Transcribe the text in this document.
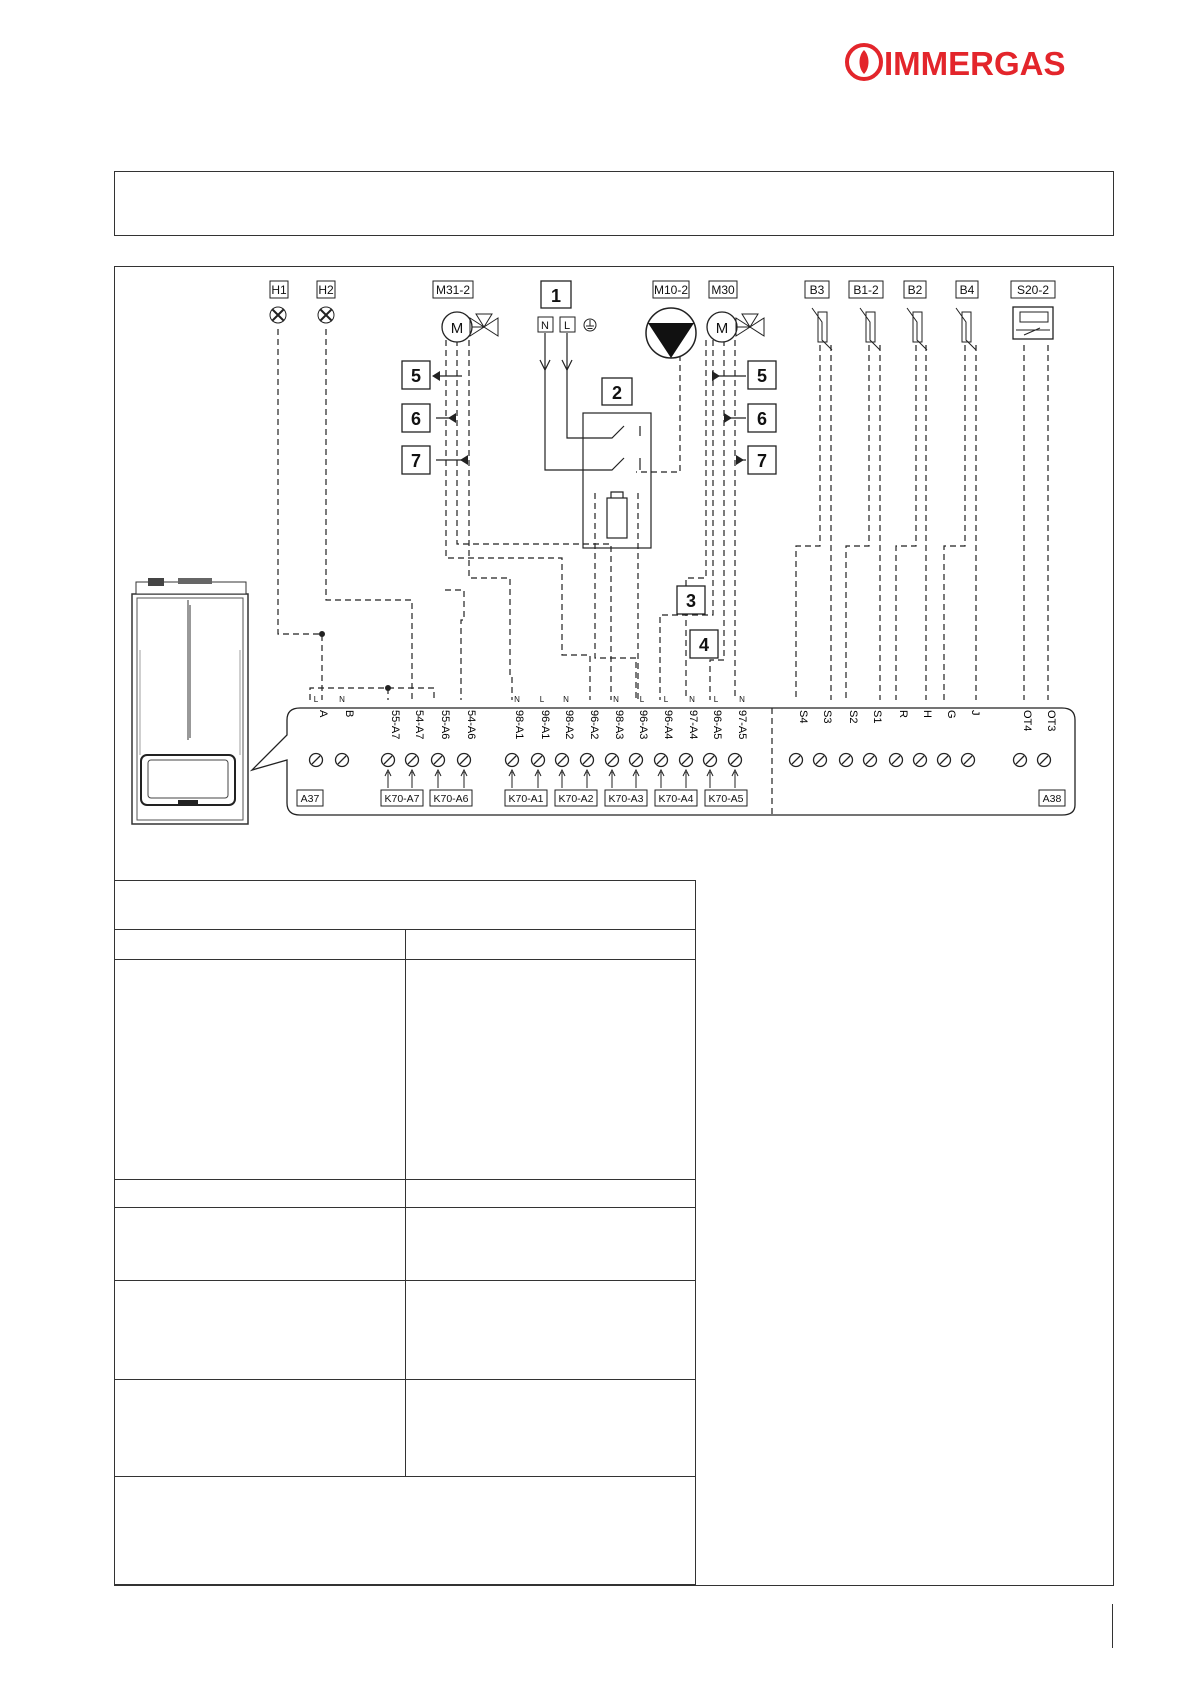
IMMERGAS
H1	H2	M31-2
M
1
N L
2
M10-2 M30
M
B3 B1-2 B2	B4	S20-2
5
6
7
5
6
7
3
4
L	N	N L N	N	L L	N L	N
A B	55-A7 54-A7 55-A6 54-A6	98-A1 96-A1 98-A2 96-A2 98-A3 96-A3 96-A4 97-A4 96-A5 97-A5	S4 S3 S2 S1 R H G J	OT4 OT3
K70-A7 K70-A6	K70-A1 K70-A2 K70-A3 K70-A4 K70-A5
A37	A38
